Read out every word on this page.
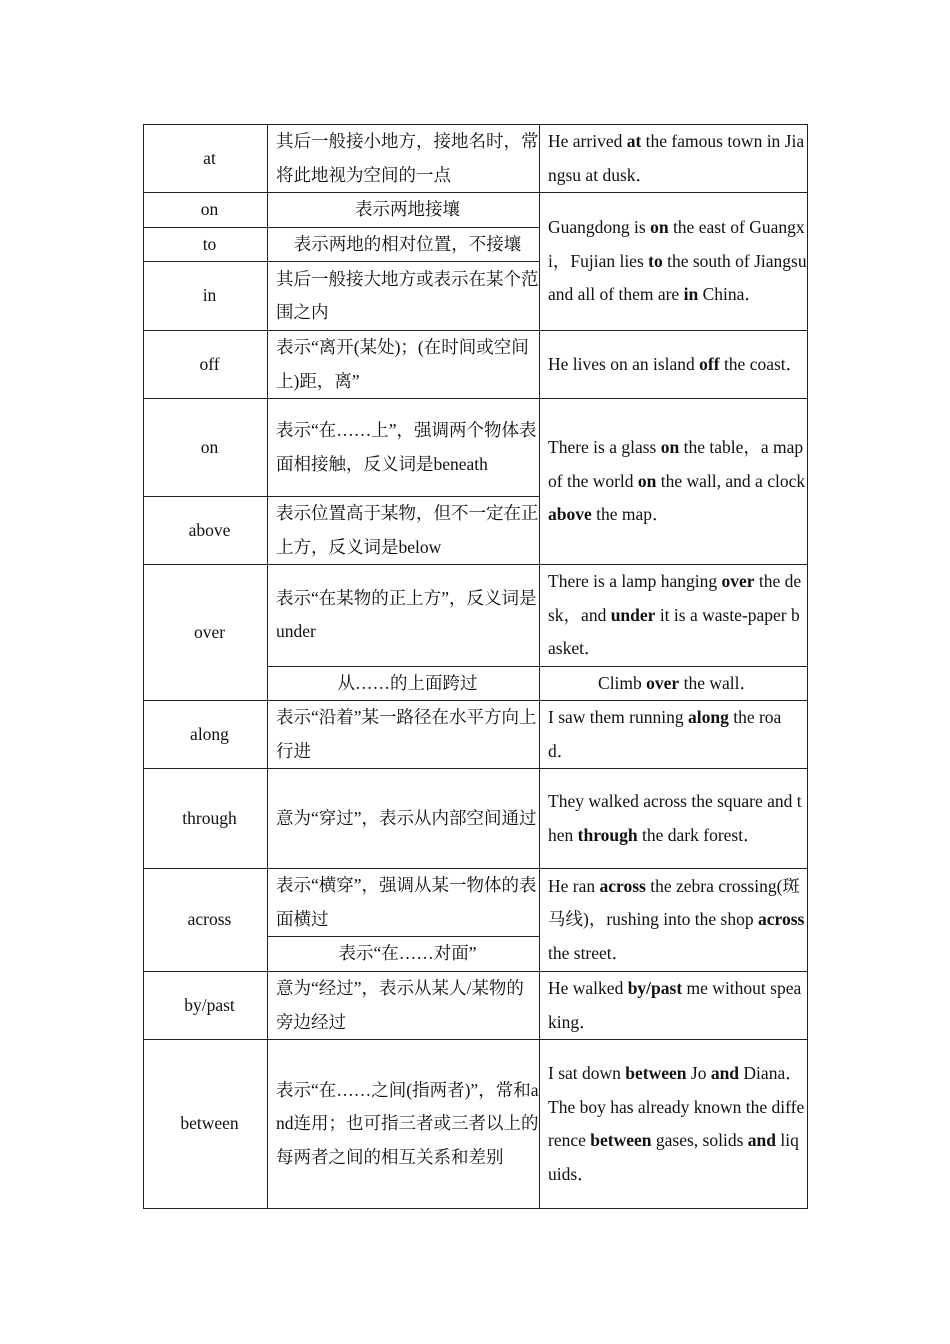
at	其后一般接小地方，接地名时，常将此地视为空间的一点	He arrived at the famous town in Jiangsu at dusk．
on	表示两地接壤	Guangdong is on the east of Guangxi，Fujian lies to the south of Jiangsu and all of them are in China．
to	表示两地的相对位置，不接壤	
in	其后一般接大地方或表示在某个范围之内	
off	表示“离开(某处)；(在时间或空间上)距，离”	He lives on an island off the coast．
on	表示“在……上”，强调两个物体表面相接触，反义词是beneath	There is a glass on the table，a map of the world on the wall, and a clock above the map．
above	表示位置高于某物，但不一定在正上方，反义词是below	
over	表示“在某物的正上方”，反义词是under	There is a lamp hanging over the desk，and under it is a waste-paper basket．
	从……的上面跨过	Climb over the wall．
along	表示“沿着”某一路径在水平方向上行进	I saw them running along the road．
through	意为“穿过”，表示从内部空间通过	They walked across the square and then through the dark forest．
across	表示“横穿”，强调从某一物体的表面横过	He ran across the zebra crossing(斑马线)，rushing into the shop across the street．
	表示“在……对面”	
by/past	意为“经过”，表示从某人/某物的旁边经过	He walked by/past me without speaking．
between	表示“在……之间(指两者)”，常和and连用；也可指三者或三者以上的每两者之间的相互关系和差别	I sat down between Jo and Diana．
The boy has already known the difference between gases, solids and liquids．
